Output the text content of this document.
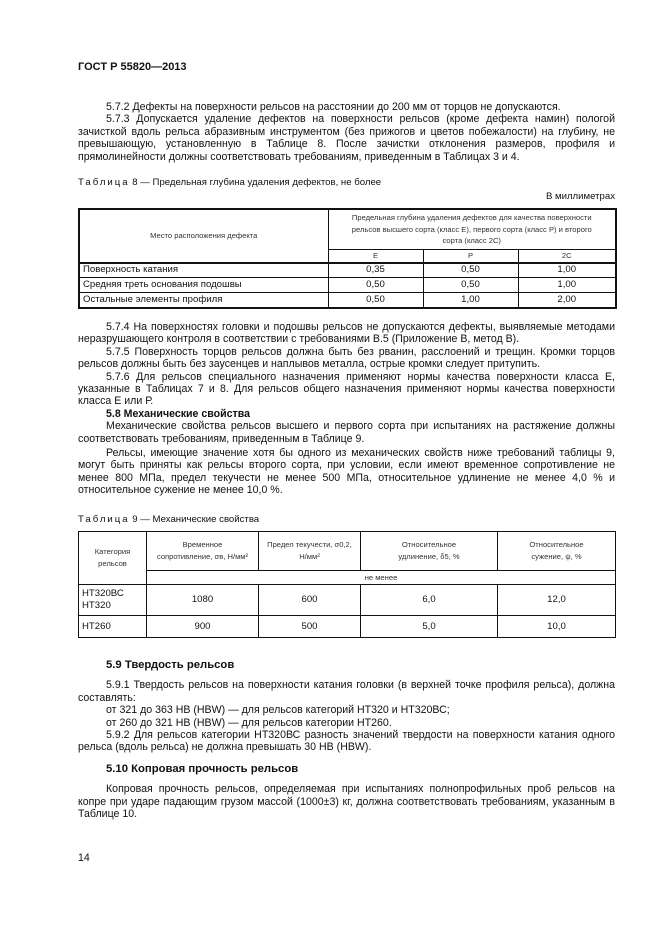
ГОСТ Р 55820—2013

5.7.2 Дефекты на поверхности рельсов на расстоянии до 200 мм от торцов не допускаются.

5.7.3 Допускается удаление дефектов на поверхности рельсов (кроме дефекта намин) пологой зачисткой вдоль рельса абразивным инструментом (без прижогов и цветов побежалости) на глубину, не превышающую, установленную в Таблице 8. После зачистки отклонения размеров, профиля и прямолинейности должны соответствовать требованиям, приведенным в Таблицах 3 и 4.

Таблица 8 — Предельная глубина удаления дефектов, не более
В миллиметрах
Место расположения дефекта	Предельная глубина удаления дефектов для качества поверхности рельсов высшего сорта (класс Е), первого сорта (класс Р) и второго сорта (класс 2С)		
	Е	Р	2С
Поверхность катания	0,35	0,50	1,00
Средняя треть основания подошвы	0,50	0,50	1,00
Остальные элементы профиля	0,50	1,00	2,00

5.7.4 На поверхностях головки и подошвы рельсов не допускаются дефекты, выявляемые методами неразрушающего контроля в соответствии с требованиями В.5 (Приложение В, метод В).

5.7.5 Поверхность торцов рельсов должна быть без рванин, расслоений и трещин. Кромки торцов рельсов должны быть без заусенцев и наплывов металла, острые кромки следует притупить.

5.7.6 Для рельсов специального назначения применяют нормы качества поверхности класса Е, указанные в Таблицах 7 и 8. Для рельсов общего назначения применяют нормы качества поверхности класса Е или Р.

5.8 Механические свойства

Механические свойства рельсов высшего и первого сорта при испытаниях на растяжение должны соответствовать требованиям, приведенным в Таблице 9.

Рельсы, имеющие значение хотя бы одного из механических свойств ниже требований таблицы 9, могут быть приняты как рельсы второго сорта, при условии, если имеют временное сопротивление не менее 800 МПа, предел текучести не менее 500 МПа, относительное удлинение не менее 4,0 % и относительное сужение не менее 10,0 %.

Таблица 9 — Механические свойства
Категория рельсов	Временное сопротивление, σв, Н/мм²	Предел текучести, σ0,2, Н/мм²	Относительное удлинение, δ5, %	Относительное сужение, ψ, %
	не менее			
НТ320ВС
НТ320	1080	600	6,0	12,0
НТ260	900	500	5,0	10,0

5.9 Твердость рельсов

5.9.1 Твердость рельсов на поверхности катания головки (в верхней точке профиля рельса), должна составлять:

от 321 до 363 НВ (HBW) — для рельсов категорий НТ320 и НТ320ВС;

от 260 до 321 НВ (HBW) — для рельсов категории НТ260.

5.9.2 Для рельсов категории НТ320ВС разность значений твердости на поверхности катания одного рельса (вдоль рельса) не должна превышать 30 НВ (HBW).

5.10 Копровая прочность рельсов

Копровая прочность рельсов, определяемая при испытаниях полнопрофильных проб рельсов на копре при ударе падающим грузом массой (1000±3) кг, должна соответствовать требованиям, указанным в Таблице 10.

14
